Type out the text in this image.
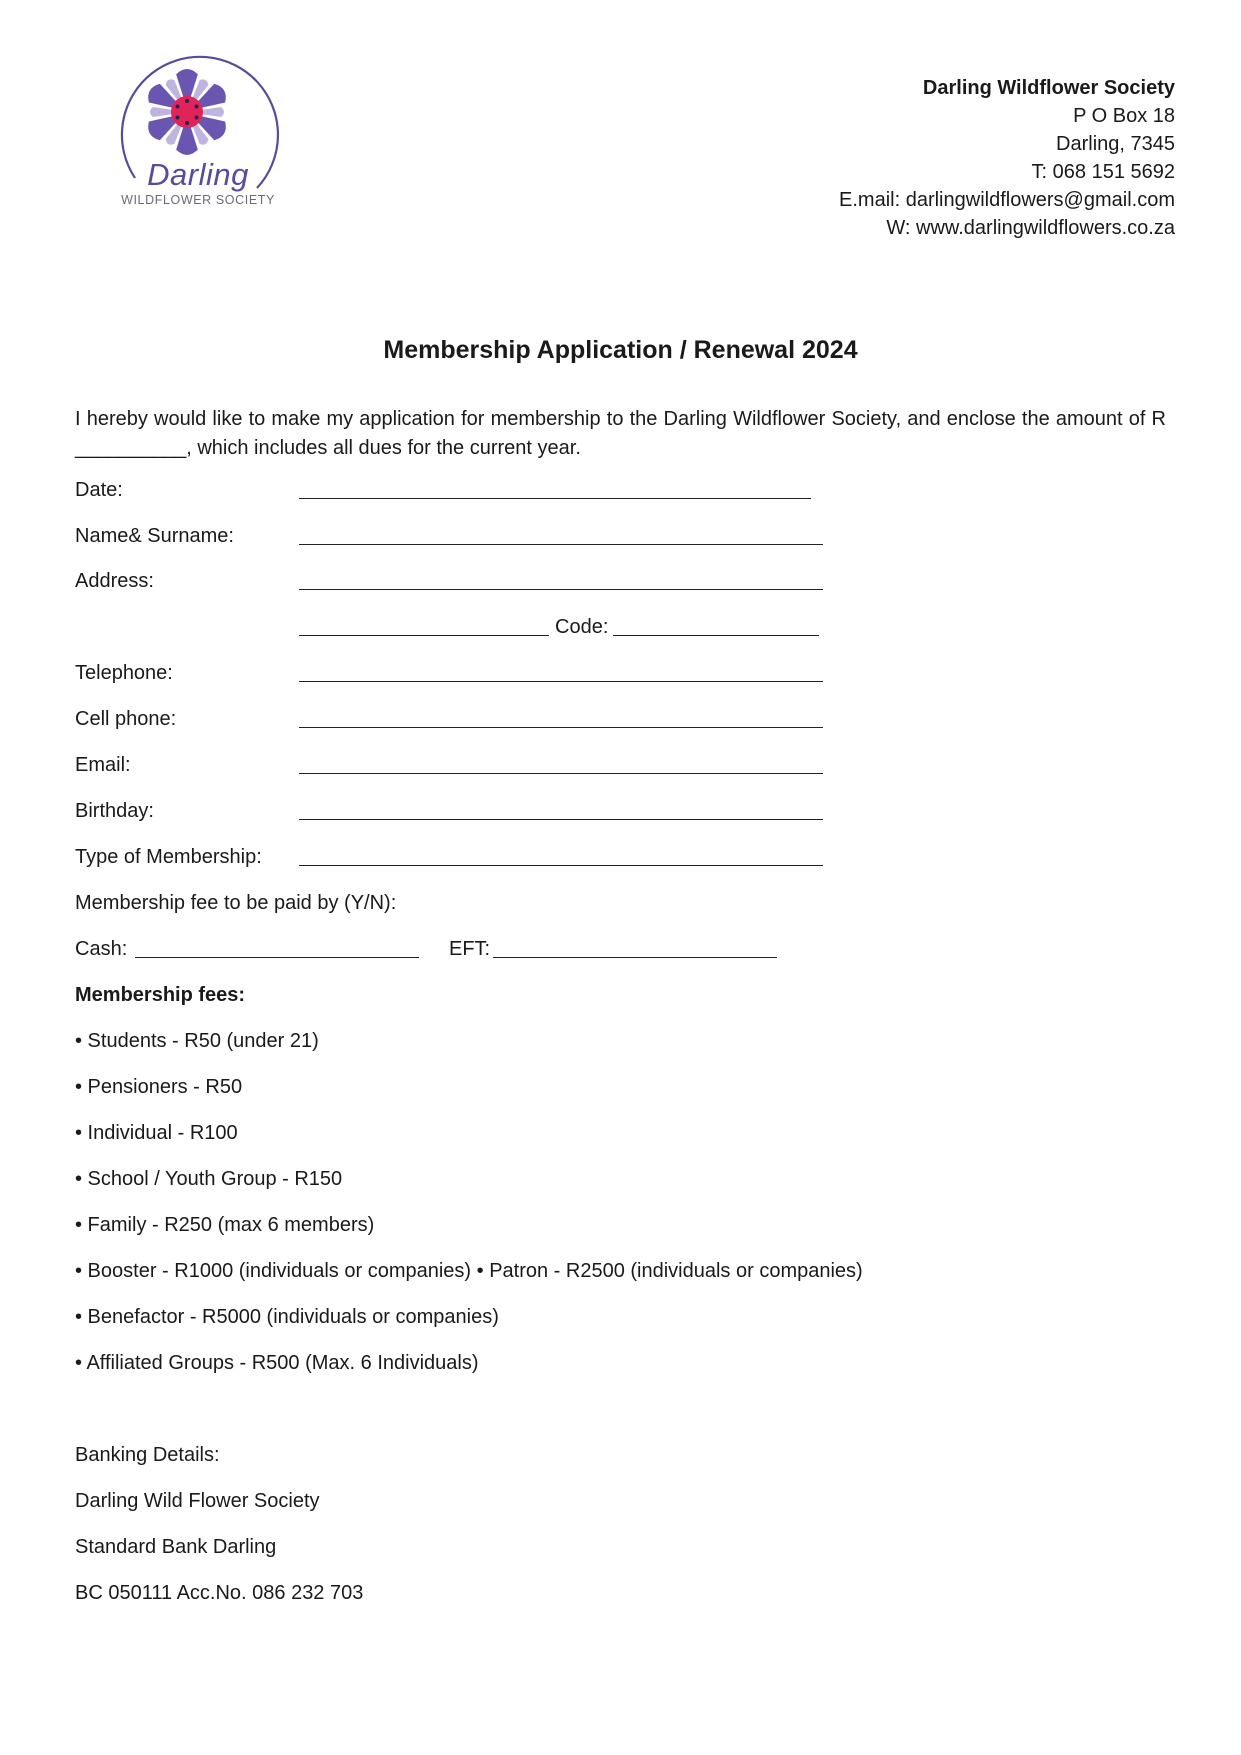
Darling
WILDFLOWER SOCIETY
Darling Wildflower Society
P O Box 18
Darling, 7345
T: 068 151 5692
E.mail: darlingwildflowers@gmail.com
W: www.darlingwildflowers.co.za
Membership Application / Renewal 2024
I hereby would like to make my application for membership to the Darling Wildflower Society, and enclose the amount of R __________, which includes all dues for the current year.
Date:
Name& Surname:
Address:
Code:
Telephone:
Cell phone:
Email:
Birthday:
Type of Membership:
Membership fee to be paid by (Y/N):
Cash:	EFT:
Membership fees:
• Students - R50 (under 21)
• Pensioners - R50
• Individual - R100
• School / Youth Group - R150
• Family - R250 (max 6 members)
• Booster - R1000 (individuals or companies) • Patron - R2500 (individuals or companies)
• Benefactor - R5000 (individuals or companies)
• Affiliated Groups - R500 (Max. 6 Individuals)
Banking Details:
Darling Wild Flower Society
Standard Bank Darling
BC 050111 Acc.No. 086 232 703
